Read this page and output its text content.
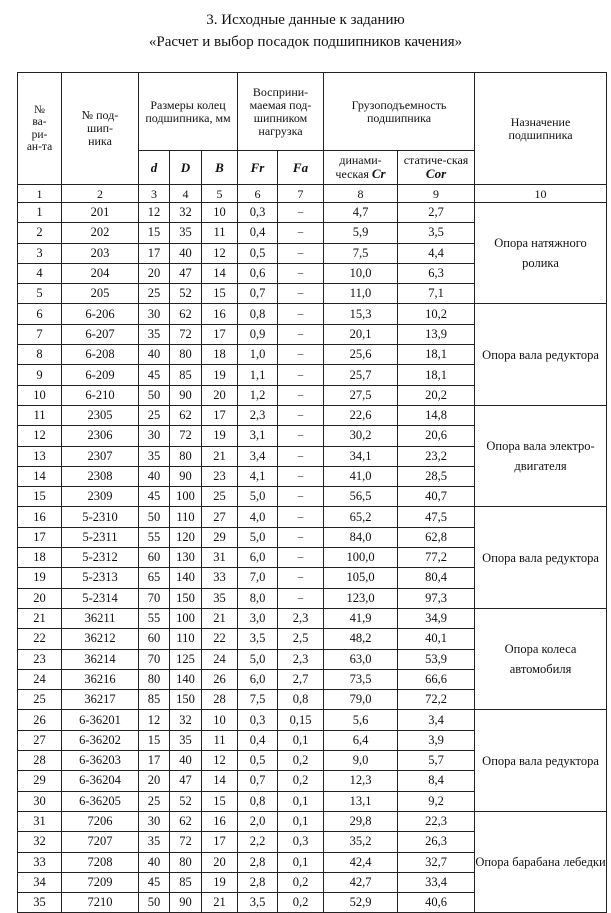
3. Исходные данные к заданию
«Расчет и выбор посадок подшипников качения»
№ ва-ри-ан-та	№ под-шип-ника	Размеры колец подшипника, мм			Восприни-маемая под-шипником нагрузка		Грузоподъемность подшипника		Назначение подшипника
		d	D	B	Fr	Fa	динами-ческая Cr	статиче-ская Cor	
1	2	3	4	5	6	7	8	9	10
1	201	12	32	10	0,3	–	4,7	2,7	Опора натяжного ролика
2	202	15	35	11	0,4	–	5,9	3,5	
3	203	17	40	12	0,5	–	7,5	4,4	
4	204	20	47	14	0,6	–	10,0	6,3	
5	205	25	52	15	0,7	–	11,0	7,1	
6	6-206	30	62	16	0,8	–	15,3	10,2	Опора вала редуктора
7	6-207	35	72	17	0,9	–	20,1	13,9	
8	6-208	40	80	18	1,0	–	25,6	18,1	
9	6-209	45	85	19	1,1	–	25,7	18,1	
10	6-210	50	90	20	1,2	–	27,5	20,2	
11	2305	25	62	17	2,3	–	22,6	14,8	Опора вала электро-двигателя
12	2306	30	72	19	3,1	–	30,2	20,6	
13	2307	35	80	21	3,4	–	34,1	23,2	
14	2308	40	90	23	4,1	–	41,0	28,5	
15	2309	45	100	25	5,0	–	56,5	40,7	
16	5-2310	50	110	27	4,0	–	65,2	47,5	Опора вала редуктора
17	5-2311	55	120	29	5,0	–	84,0	62,8	
18	5-2312	60	130	31	6,0	–	100,0	77,2	
19	5-2313	65	140	33	7,0	–	105,0	80,4	
20	5-2314	70	150	35	8,0	–	123,0	97,3	
21	36211	55	100	21	3,0	2,3	41,9	34,9	Опора колеса автомобиля
22	36212	60	110	22	3,5	2,5	48,2	40,1	
23	36214	70	125	24	5,0	2,3	63,0	53,9	
24	36216	80	140	26	6,0	2,7	73,5	66,6	
25	36217	85	150	28	7,5	0,8	79,0	72,2	
26	6-36201	12	32	10	0,3	0,15	5,6	3,4	Опора вала редуктора
27	6-36202	15	35	11	0,4	0,1	6,4	3,9	
28	6-36203	17	40	12	0,5	0,2	9,0	5,7	
29	6-36204	20	47	14	0,7	0,2	12,3	8,4	
30	6-36205	25	52	15	0,8	0,1	13,1	9,2	
31	7206	30	62	16	2,0	0,1	29,8	22,3	Опора барабана лебедки
32	7207	35	72	17	2,2	0,3	35,2	26,3	
33	7208	40	80	20	2,8	0,1	42,4	32,7	
34	7209	45	85	19	2,8	0,2	42,7	33,4	
35	7210	50	90	21	3,5	0,2	52,9	40,6	
